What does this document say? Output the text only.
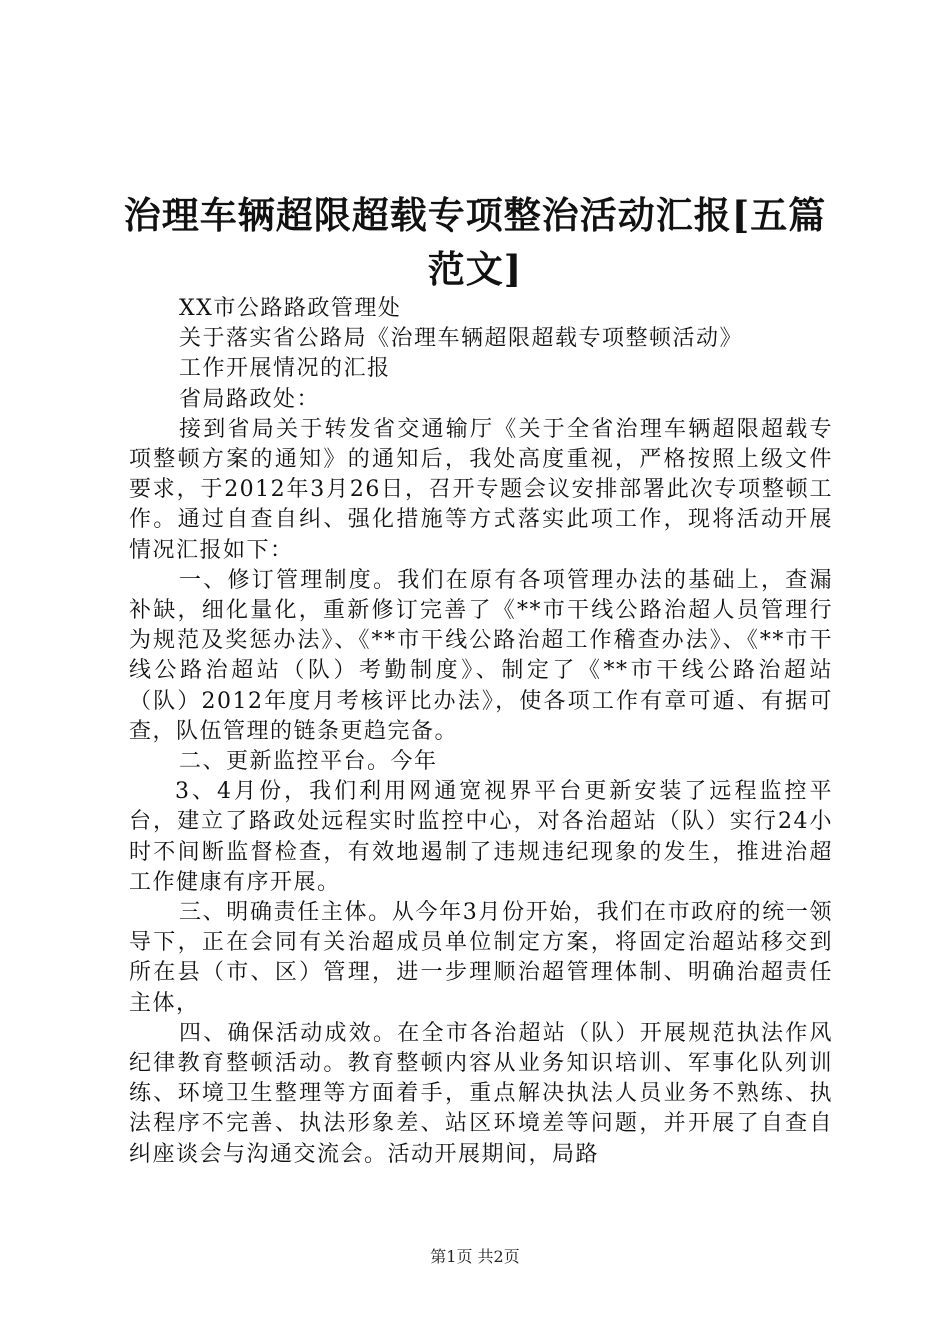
治理车辆超限超载专项整治活动汇报[五篇范文]

XX市公路路政管理处

关于落实省公路局《治理车辆超限超载专项整顿活动》

工作开展情况的汇报

省局路政处：

接到省局关于转发省交通输厅《关于全省治理车辆超限超载专项整顿方案的通知》的通知后，我处高度重视，严格按照上级文件要求，于2012年3月26日，召开专题会议安排部署此次专项整顿工作。通过自查自纠、强化措施等方式落实此项工作，现将活动开展情况汇报如下：

一、修订管理制度。我们在原有各项管理办法的基础上，查漏补缺，细化量化，重新修订完善了《**市干线公路治超人员管理行为规范及奖惩办法》、《**市干线公路治超工作稽查办法》、《**市干线公路治超站（队）考勤制度》、制定了《**市干线公路治超站（队）2012年度月考核评比办法》，使各项工作有章可遁、有据可查，队伍管理的链条更趋完备。

二、更新监控平台。今年

3、4月份，我们利用网通宽视界平台更新安装了远程监控平台，建立了路政处远程实时监控中心，对各治超站（队）实行24小时不间断监督检查，有效地遏制了违规违纪现象的发生，推进治超工作健康有序开展。

三、明确责任主体。从今年3月份开始，我们在市政府的统一领导下，正在会同有关治超成员单位制定方案，将固定治超站移交到所在县（市、区）管理，进一步理顺治超管理体制、明确治超责任主体，

四、确保活动成效。在全市各治超站（队）开展规范执法作风纪律教育整顿活动。教育整顿内容从业务知识培训、军事化队列训练、环境卫生整理等方面着手，重点解决执法人员业务不熟练、执法程序不完善、执法形象差、站区环境差等问题，并开展了自查自纠座谈会与沟通交流会。活动开展期间，局路

第1页 共2页
